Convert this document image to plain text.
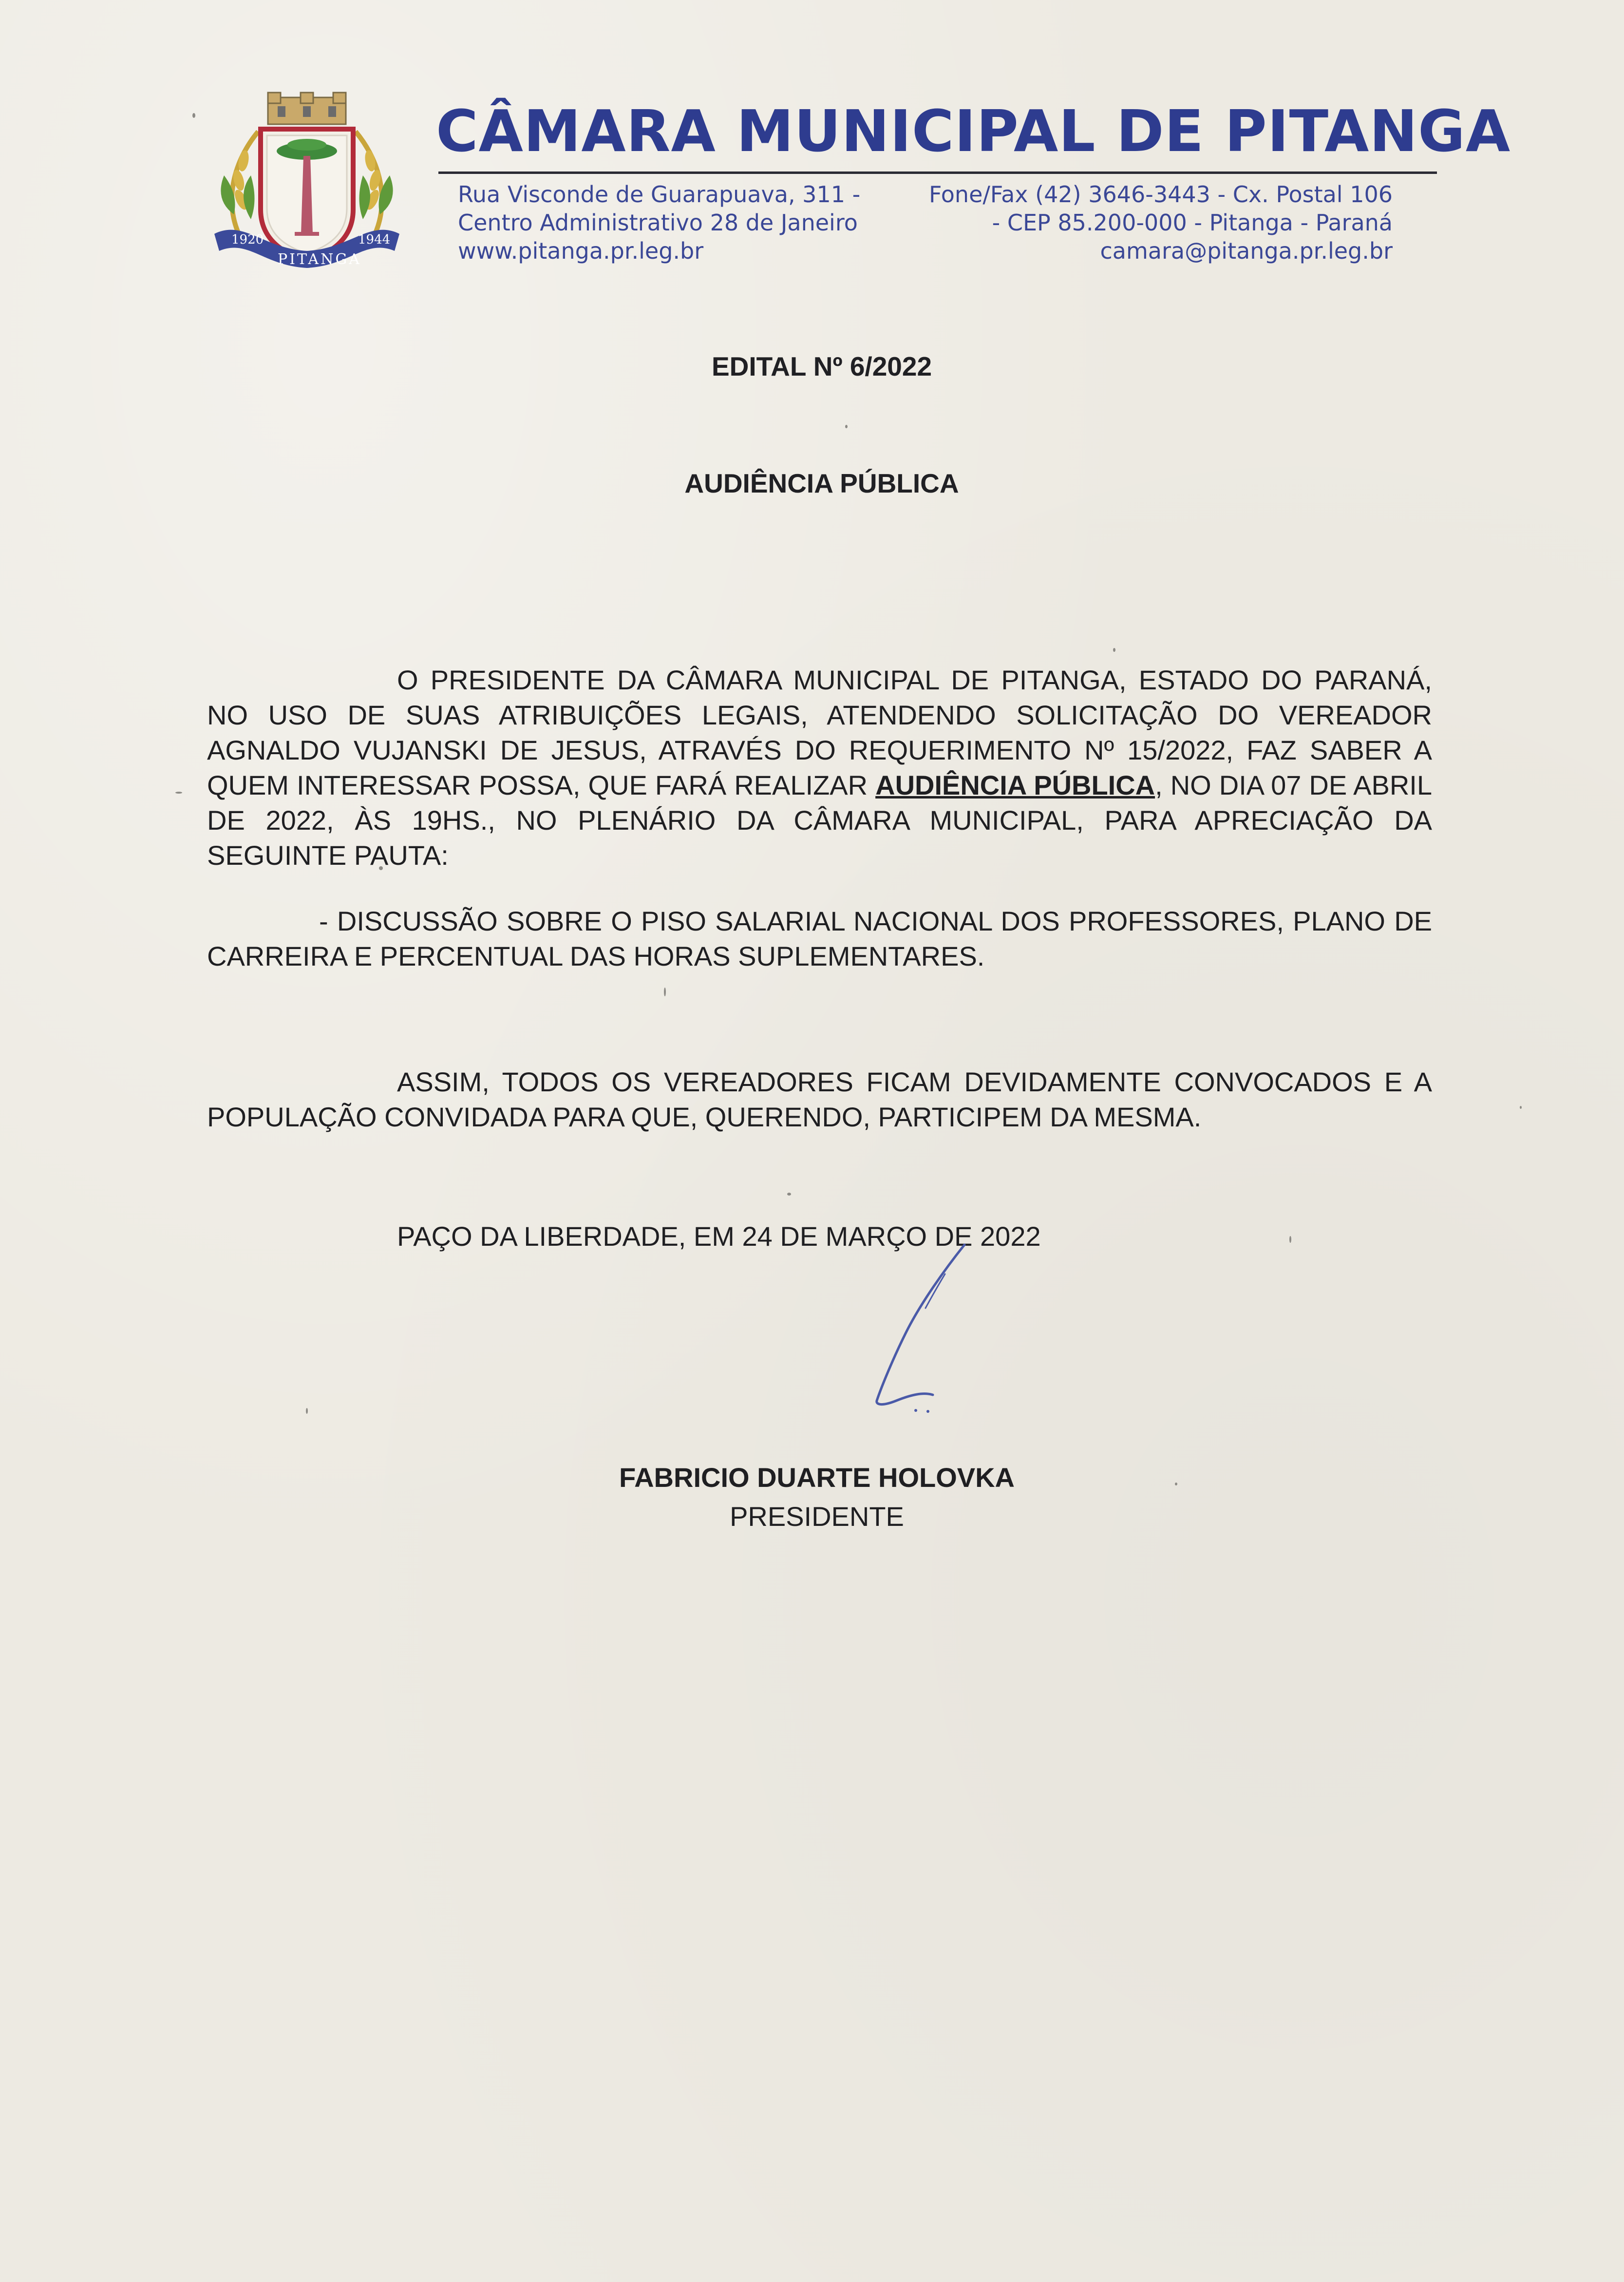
1920	1944
PITANGA
CÂMARA MUNICIPAL DE PITANGA
Rua Visconde de Guarapuava, 311 -	Fone/Fax (42) 3646-3443 - Cx. Postal 106
Centro Administrativo 28 de Janeiro	- CEP 85.200-000 - Pitanga - Paraná
www.pitanga.pr.leg.br	camara@pitanga.pr.leg.br
EDITAL Nº 6/2022
AUDIÊNCIA PÚBLICA
O PRESIDENTE DA CÂMARA MUNICIPAL DE PITANGA, ESTADO DO PARANÁ, NO USO DE SUAS ATRIBUIÇÕES LEGAIS, ATENDENDO SOLICITAÇÃO DO VEREADOR AGNALDO VUJANSKI DE JESUS, ATRAVÉS DO REQUERIMENTO Nº 15/2022, FAZ SABER A QUEM INTERESSAR POSSA, QUE FARÁ REALIZAR AUDIÊNCIA PÚBLICA, NO DIA 07 DE ABRIL DE 2022, ÀS 19HS., NO PLENÁRIO DA CÂMARA MUNICIPAL, PARA APRECIAÇÃO DA SEGUINTE PAUTA:
- DISCUSSÃO SOBRE O PISO SALARIAL NACIONAL DOS PROFESSORES, PLANO DE CARREIRA E PERCENTUAL DAS HORAS SUPLEMENTARES.
ASSIM, TODOS OS VEREADORES FICAM DEVIDAMENTE CONVOCADOS E A POPULAÇÃO CONVIDADA PARA QUE, QUERENDO, PARTICIPEM DA MESMA.
PAÇO DA LIBERDADE, EM 24 DE MARÇO DE 2022
FABRICIO DUARTE HOLOVKA
PRESIDENTE
